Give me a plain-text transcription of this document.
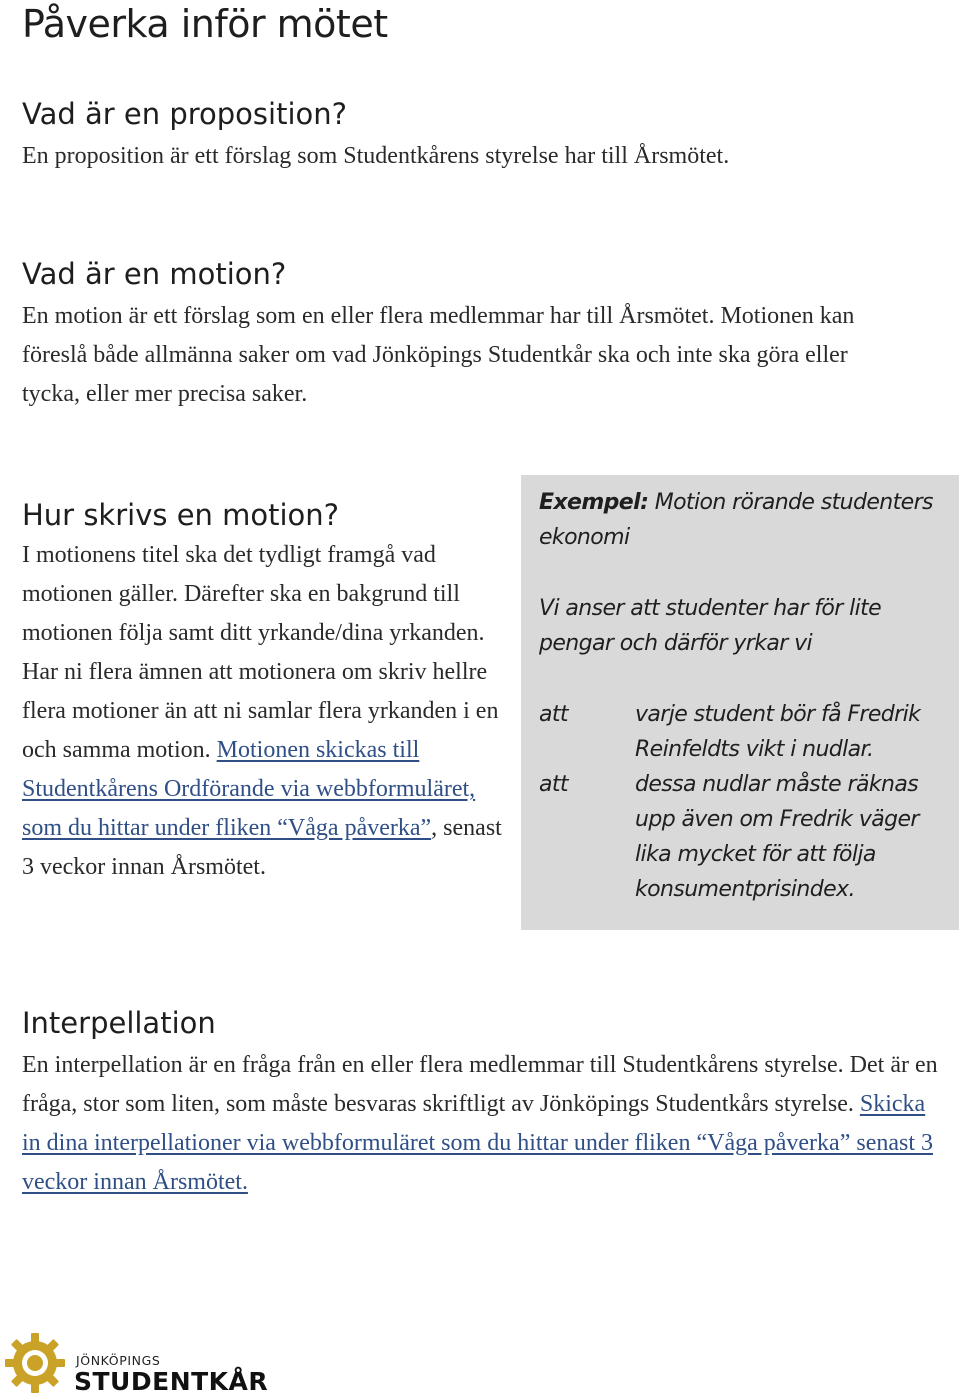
Påverka inför mötet
Vad är en proposition?

En proposition är ett förslag som Studentkårens styrelse har till Årsmötet.

Vad är en motion?

En motion är ett förslag som en eller flera medlemmar har till Årsmötet. Motionen kan föreslå både allmänna saker om vad Jönköpings Studentkår ska och inte ska göra eller tycka, eller mer precisa saker.

Hur skrivs en motion?

I motionens titel ska det tydligt framgå vad motionen gäller. Därefter ska en bakgrund till motionen följa samt ditt yrkande/dina yrkanden. Har ni flera ämnen att motionera om skriv hellre flera motioner än att ni samlar flera yrkanden i en och samma motion. Motionen skickas till Studentkårens Ordförande via webbformuläret, som du hittar under fliken “Våga påverka”, senast 3 veckor innan Årsmötet.

Exempel: Motion rörande studenters ekonomi

Vi anser att studenter har för lite pengar och därför yrkar vi

att	varje student bör få Fredrik Reinfeldts vikt i nudlar.
att	dessa nudlar måste räknas upp även om Fredrik väger lika mycket för att följa konsumentprisindex.
Interpellation

En interpellation är en fråga från en eller flera medlemmar till Studentkårens styrelse. Det är en fråga, stor som liten, som måste besvaras skriftligt av Jönköpings Studentkårs styrelse. Skicka in dina interpellationer via webbformuläret som du hittar under fliken “Våga påverka” senast 3 veckor innan Årsmötet.

JÖNKÖPINGS
STUDENTKÅR
